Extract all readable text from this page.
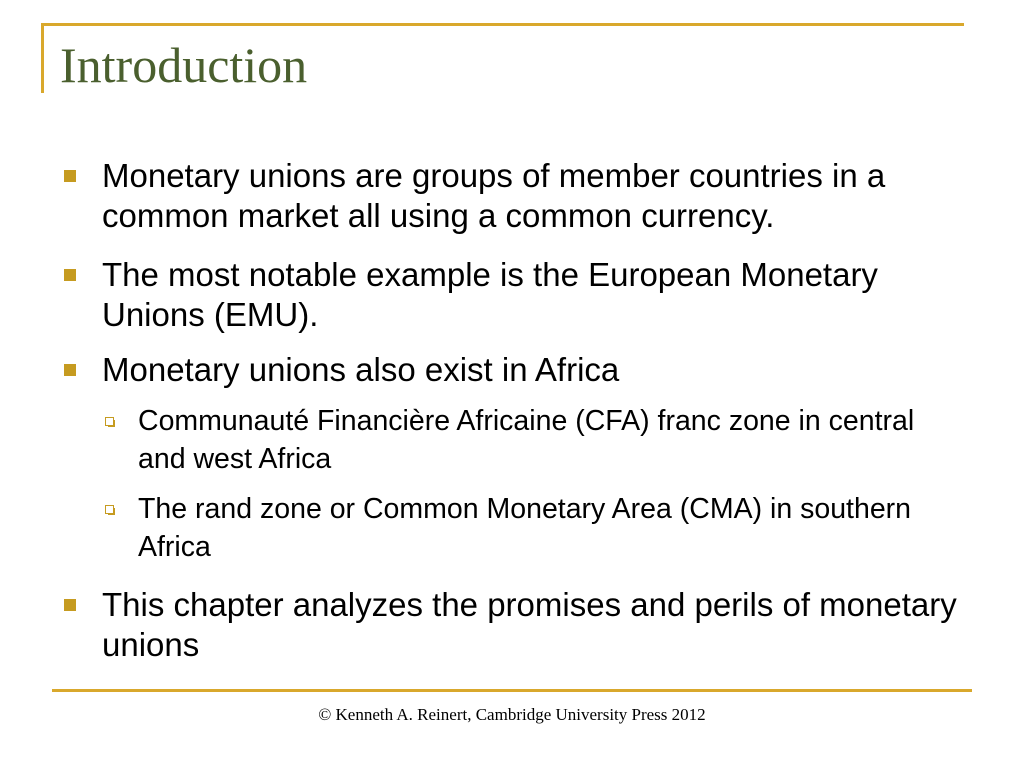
Introduction
Monetary unions are groups of member countries in a common market all using a common currency.
The most notable example is the European Monetary Unions (EMU).
Monetary unions also exist in Africa
Communauté Financière Africaine (CFA) franc zone in central and west Africa
The rand zone or Common Monetary Area (CMA) in southern Africa
This chapter analyzes the promises and perils of monetary unions
© Kenneth A. Reinert, Cambridge University Press 2012
